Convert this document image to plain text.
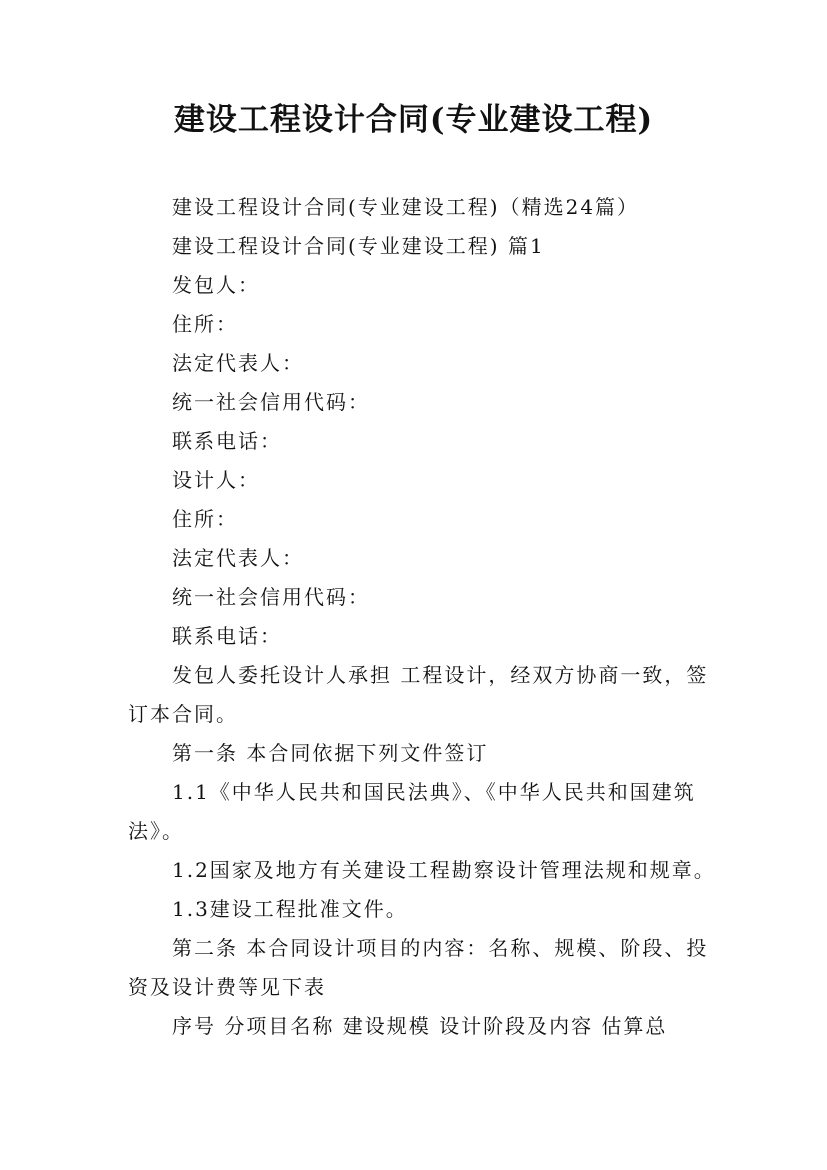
建设工程设计合同(专业建设工程)

建设工程设计合同(专业建设工程)（精选24篇）

建设工程设计合同(专业建设工程) 篇1

发包人：

住所：

法定代表人：

统一社会信用代码：

联系电话：

设计人：

住所：

法定代表人：

统一社会信用代码：

联系电话：

发包人委托设计人承担 工程设计，经双方协商一致，签订本合同。

第一条 本合同依据下列文件签订

1.1《中华人民共和国民法典》、《中华人民共和国建筑法》。

1.2国家及地方有关建设工程勘察设计管理法规和规章。

1.3建设工程批准文件。

第二条 本合同设计项目的内容：名称、规模、阶段、投资及设计费等见下表

序号 分项目名称 建设规模 设计阶段及内容 估算总
